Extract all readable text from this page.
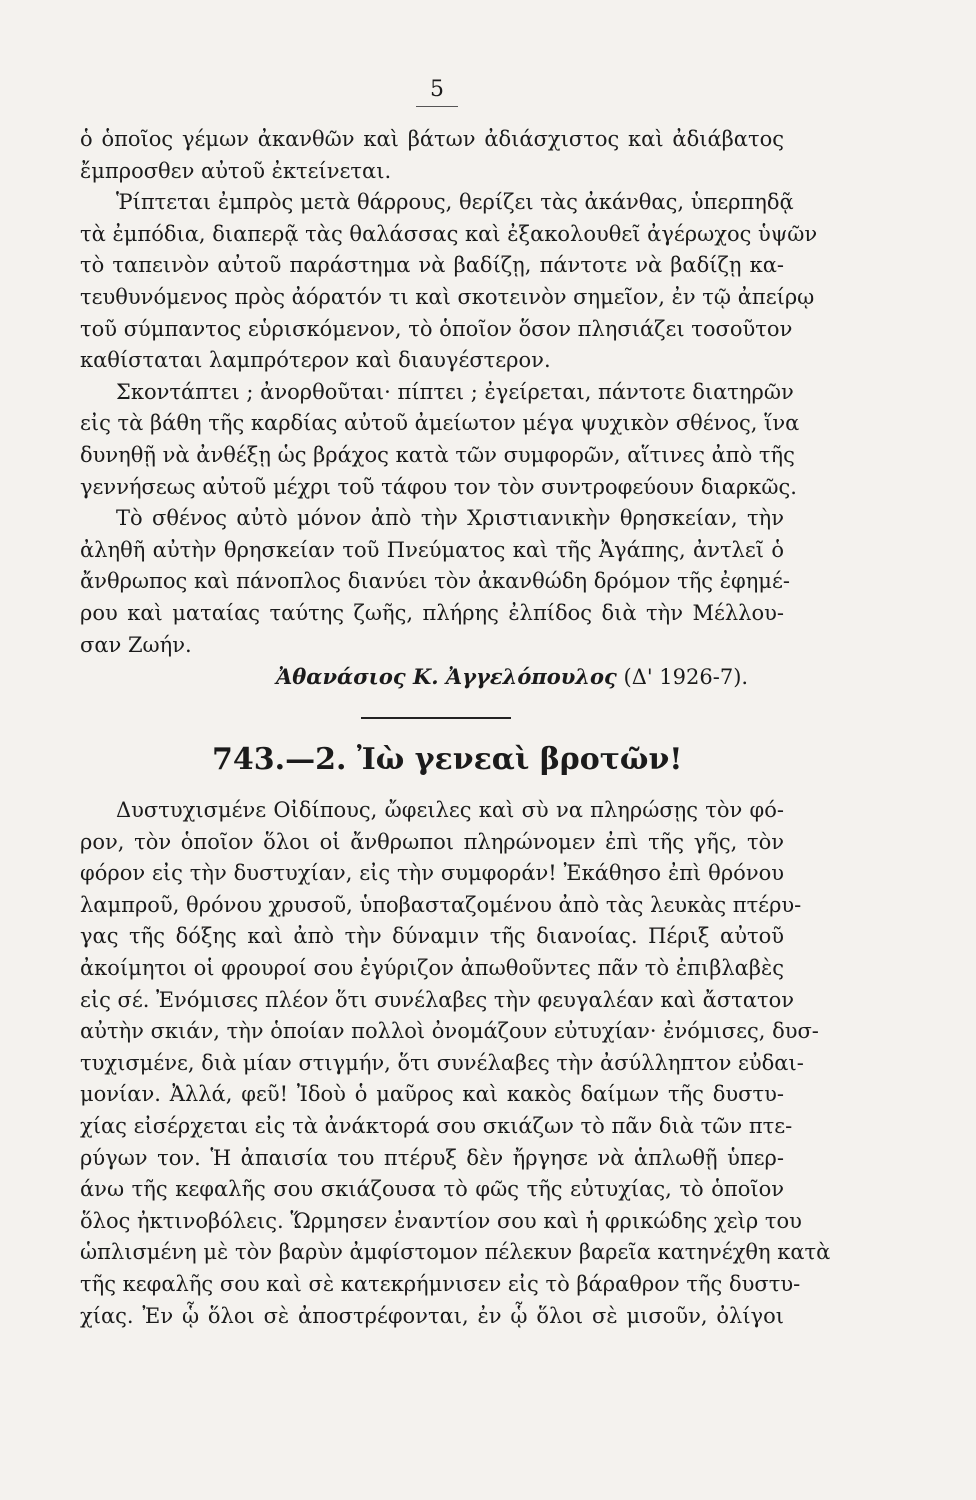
5
ὁ ὁποῖος γέμων ἀκανθῶν καὶ βάτων ἀδιάσχιστος καὶ ἀδιάβατος
ἔμπροσθεν αὐτοῦ ἐκτείνεται.
Ῥίπτεται ἐμπρὸς μετὰ θάρρους, θερίζει τὰς ἀκάνθας, ὑπερπηδᾷ
τὰ ἐμπόδια, διαπερᾷ τὰς θαλάσσας καὶ ἐξακολουθεῖ ἀγέρωχος ὑψῶν
τὸ ταπεινὸν αὐτοῦ παράστημα νὰ βαδίζῃ, πάντοτε νὰ βαδίζῃ κα-
τευθυνόμενος πρὸς ἀόρατόν τι καὶ σκοτεινὸν σημεῖον, ἐν τῷ ἀπείρῳ
τοῦ σύμπαντος εὑρισκόμενον, τὸ ὁποῖον ὅσον πλησιάζει τοσοῦτον
καθίσταται λαμπρότερον καὶ διαυγέστερον.
Σκοντάπτει ; ἀνορθοῦται· πίπτει ; ἐγείρεται, πάντοτε διατηρῶν
εἰς τὰ βάθη τῆς καρδίας αὐτοῦ ἀμείωτον μέγα ψυχικὸν σθένος, ἵνα
δυνηθῇ νὰ ἀνθέξῃ ὡς βράχος κατὰ τῶν συμφορῶν, αἵτινες ἀπὸ τῆς
γεννήσεως αὐτοῦ μέχρι τοῦ τάφου τον τὸν συντροφεύουν διαρκῶς.
Τὸ σθένος αὐτὸ μόνον ἀπὸ τὴν Χριστιανικὴν θρησκείαν, τὴν
ἀληθῆ αὐτὴν θρησκείαν τοῦ Πνεύματος καὶ τῆς Ἀγάπης, ἀντλεῖ ὁ
ἄνθρωπος καὶ πάνοπλος διανύει τὸν ἀκανθώδη δρόμον τῆς ἐφημέ-
ρου καὶ ματαίας ταύτης ζωῆς, πλήρης ἐλπίδος διὰ τὴν Μέλλου-
σαν Ζωήν.
Ἀθανάσιος Κ. Ἀγγελόπουλος (Δ' 1926-7).
743.—2. Ἰὼ γενεαὶ βροτῶν!
Δυστυχισμένε Οἰδίπους, ὤφειλες καὶ σὺ να πληρώσῃς τὸν φό-
ρον, τὸν ὁποῖον ὅλοι οἱ ἄνθρωποι πληρώνομεν ἐπὶ τῆς γῆς, τὸν
φόρον εἰς τὴν δυστυχίαν, εἰς τὴν συμφοράν! Ἐκάθησο ἐπὶ θρόνου
λαμπροῦ, θρόνου χρυσοῦ, ὑποβασταζομένου ἀπὸ τὰς λευκὰς πτέρυ-
γας τῆς δόξης καὶ ἀπὸ τὴν δύναμιν τῆς διανοίας. Πέριξ αὐτοῦ
ἀκοίμητοι οἱ φρουροί σου ἐγύριζον ἀπωθοῦντες πᾶν τὸ ἐπιβλαβὲς
εἰς σέ. Ἐνόμισες πλέον ὅτι συνέλαβες τὴν φευγαλέαν καὶ ἄστατον
αὐτὴν σκιάν, τὴν ὁποίαν πολλοὶ ὀνομάζουν εὐτυχίαν· ἐνόμισες, δυσ-
τυχισμένε, διὰ μίαν στιγμήν, ὅτι συνέλαβες τὴν ἀσύλληπτον εὐδαι-
μονίαν. Ἀλλά, φεῦ! Ἰδοὺ ὁ μαῦρος καὶ κακὸς δαίμων τῆς δυστυ-
χίας εἰσέρχεται εἰς τὰ ἀνάκτορά σου σκιάζων τὸ πᾶν διὰ τῶν πτε-
ρύγων τον. Ἡ ἀπαισία του πτέρυξ δὲν ἤργησε νὰ ἁπλωθῇ ὑπερ-
άνω τῆς κεφαλῆς σου σκιάζουσα τὸ φῶς τῆς εὐτυχίας, τὸ ὁποῖον
ὅλος ἠκτινοβόλεις. Ὥρμησεν ἐναντίον σου καὶ ἡ φρικώδης χεὶρ του
ὡπλισμένη μὲ τὸν βαρὺν ἀμφίστομον πέλεκυν βαρεῖα κατηνέχθη κατὰ
τῆς κεφαλῆς σου καὶ σὲ κατεκρήμνισεν εἰς τὸ βάραθρον τῆς δυστυ-
χίας. Ἐν ᾧ ὅλοι σὲ ἀποστρέφονται, ἐν ᾧ ὅλοι σὲ μισοῦν, ὀλίγοι
